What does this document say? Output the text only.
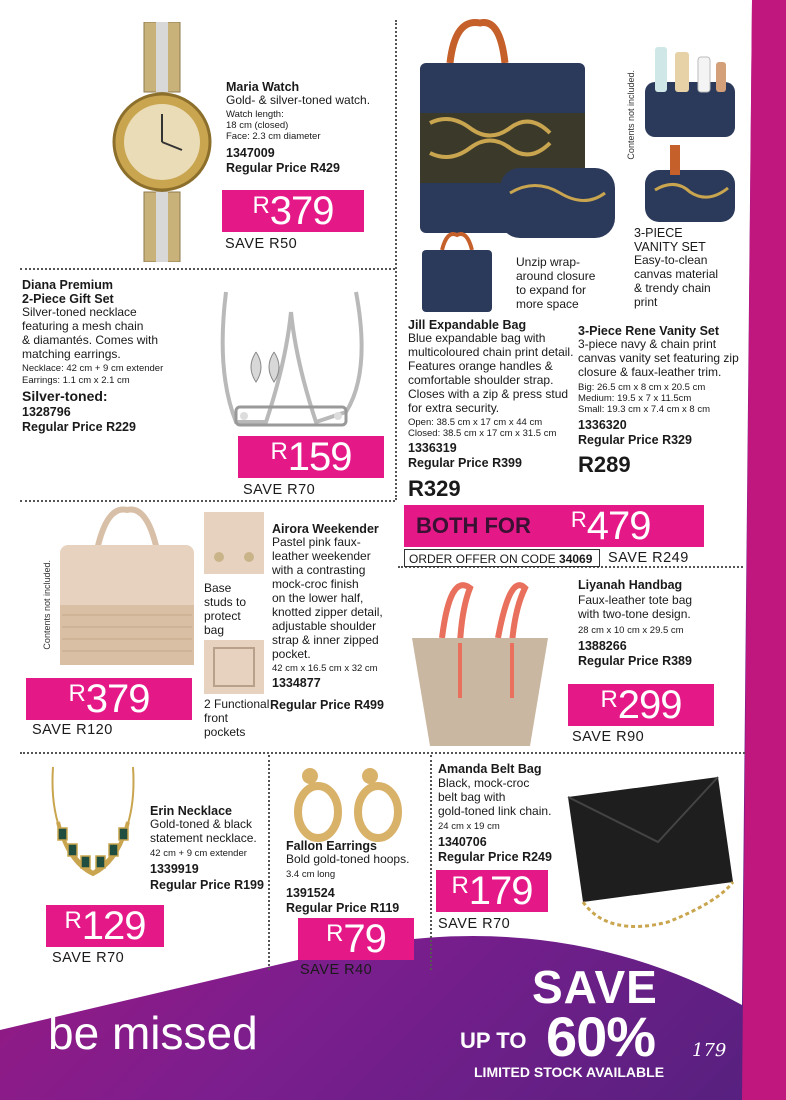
Maria Watch
Gold- & silver-toned watch.
Watch length:
18 cm (closed)
Face: 2.3 cm diameter
1347009
Regular Price R429
R 379
SAVE R50
Diana Premium
2-Piece Gift Set
Silver-toned necklace
featuring a mesh chain
& diamantés. Comes with
matching earrings.
Necklace: 42 cm + 9 cm extender
Earrings: 1.1 cm x 2.1 cm
Silver-toned:
1328796
Regular Price R229
R 159
SAVE R70
Unzip wrap-
around closure
to expand for
more space
Jill Expandable Bag
Blue expandable bag with
multicoloured chain print detail.
Features orange handles &
comfortable shoulder strap.
Closes with a zip & press stud
for extra security.
Open: 38.5 cm x 17 cm x 44 cm
Closed: 38.5 cm x 17 cm x 31.5 cm
1336319
Regular Price R399
R329
Contents not included.
3-PIECE
VANITY SET
Easy-to-clean
canvas material
& trendy chain
print
3-Piece Rene Vanity Set
3-piece navy & chain print
canvas vanity set featuring zip
closure & faux-leather trim.
Big: 26.5 cm x 8 cm x 20.5 cm
Medium: 19.5 x 7 x 11.5cm
Small: 19.3 cm x 7.4 cm x 8 cm
1336320
Regular Price R329
R289
BOTH FOR R 479
ORDER OFFER ON CODE 34069	SAVE R249
Contents not included.	Base
studs to
protect
bag
2 Functional
front
pockets
Airora Weekender
Pastel pink faux-
leather weekender
with a contrasting
mock-croc finish
on the lower half,
knotted zipper detail,
adjustable shoulder
strap & inner zipped
pocket.
42 cm x 16.5 cm x 32 cm
1334877
Regular Price R499
R 379
SAVE R120
Liyanah Handbag
Faux-leather tote bag
with two-tone design.
28 cm x 10 cm x 29.5 cm
1388266
Regular Price R389
R 299
SAVE R90
Erin Necklace
Gold-toned & black
statement necklace.
42 cm + 9 cm extender
1339919
Regular Price R199
R 129
SAVE R70
Fallon Earrings
Bold gold-toned hoops.
3.4 cm long
1391524
Regular Price R119
R 79
SAVE R40
Amanda Belt Bag
Black, mock-croc
belt bag with
gold-toned link chain.
24 cm x 19 cm
1340706
Regular Price R249
R 179
SAVE R70
be missed
SAVE
UP TO 60% 179
LIMITED STOCK AVAILABLE
